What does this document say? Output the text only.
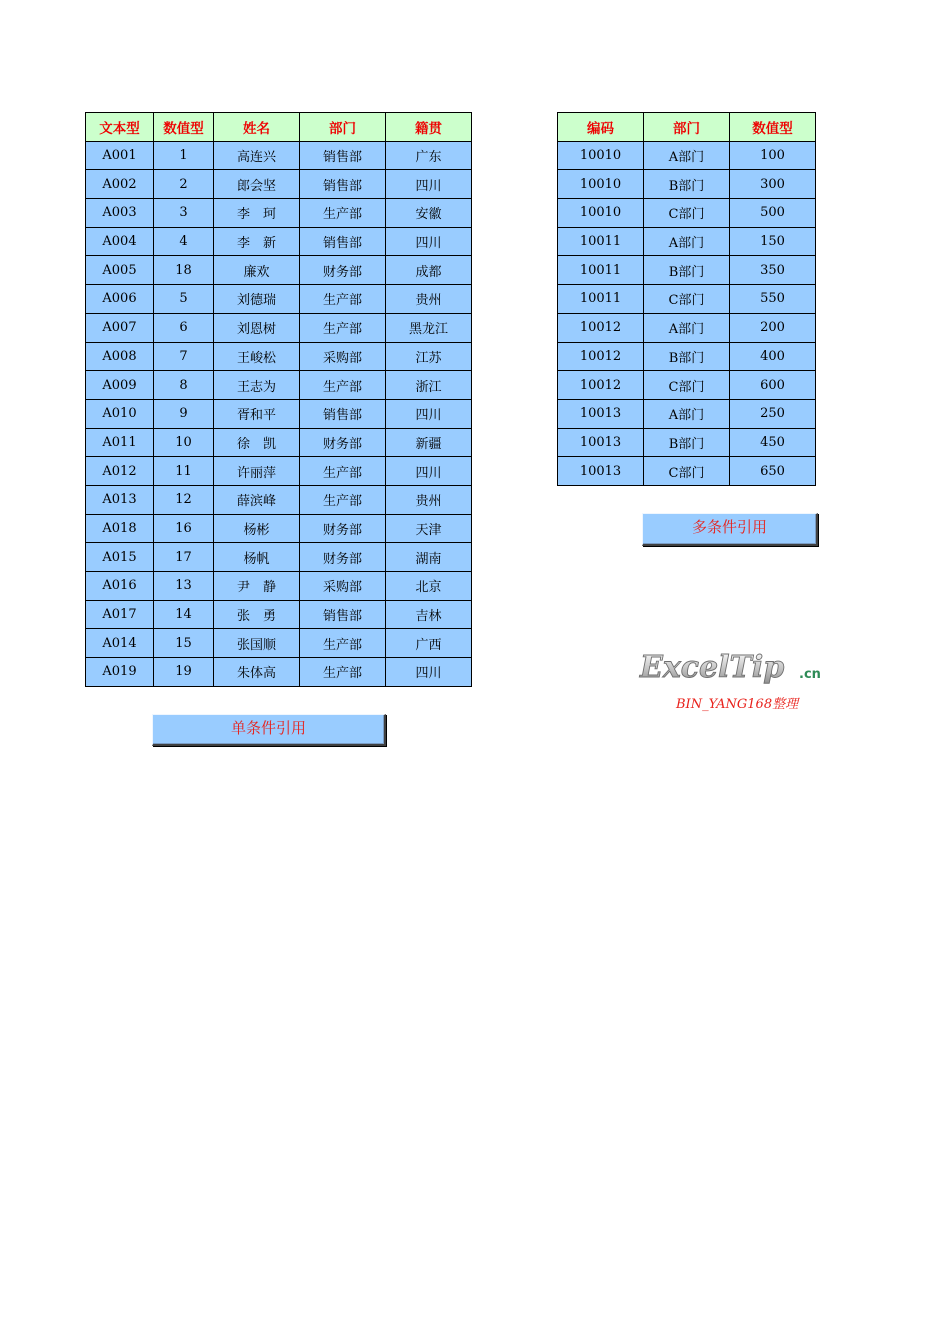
文本型	数值型	姓名	部门	籍贯
A001	1	高连兴	销售部	广东
A002	2	郎会坚	销售部	四川
A003	3	李　珂	生产部	安徽
A004	4	李　新	销售部	四川
A005	18	廉欢	财务部	成都
A006	5	刘德瑞	生产部	贵州
A007	6	刘恩树	生产部	黑龙江
A008	7	王峻松	采购部	江苏
A009	8	王志为	生产部	浙江
A010	9	胥和平	销售部	四川
A011	10	徐　凯	财务部	新疆
A012	11	许丽萍	生产部	四川
A013	12	薛滨峰	生产部	贵州
A018	16	杨彬	财务部	天津
A015	17	杨帆	财务部	湖南
A016	13	尹　静	采购部	北京
A017	14	张　勇	销售部	吉林
A014	15	张国顺	生产部	广西
A019	19	朱体高	生产部	四川
编码	部门	数值型
10010	A部门	100
10010	B部门	300
10010	C部门	500
10011	A部门	150
10011	B部门	350
10011	C部门	550
10012	A部门	200
10012	B部门	400
10012	C部门	600
10013	A部门	250
10013	B部门	450
10013	C部门	650
多条件引用
单条件引用
ExcelTip .cn
BIN_YANG168整理
